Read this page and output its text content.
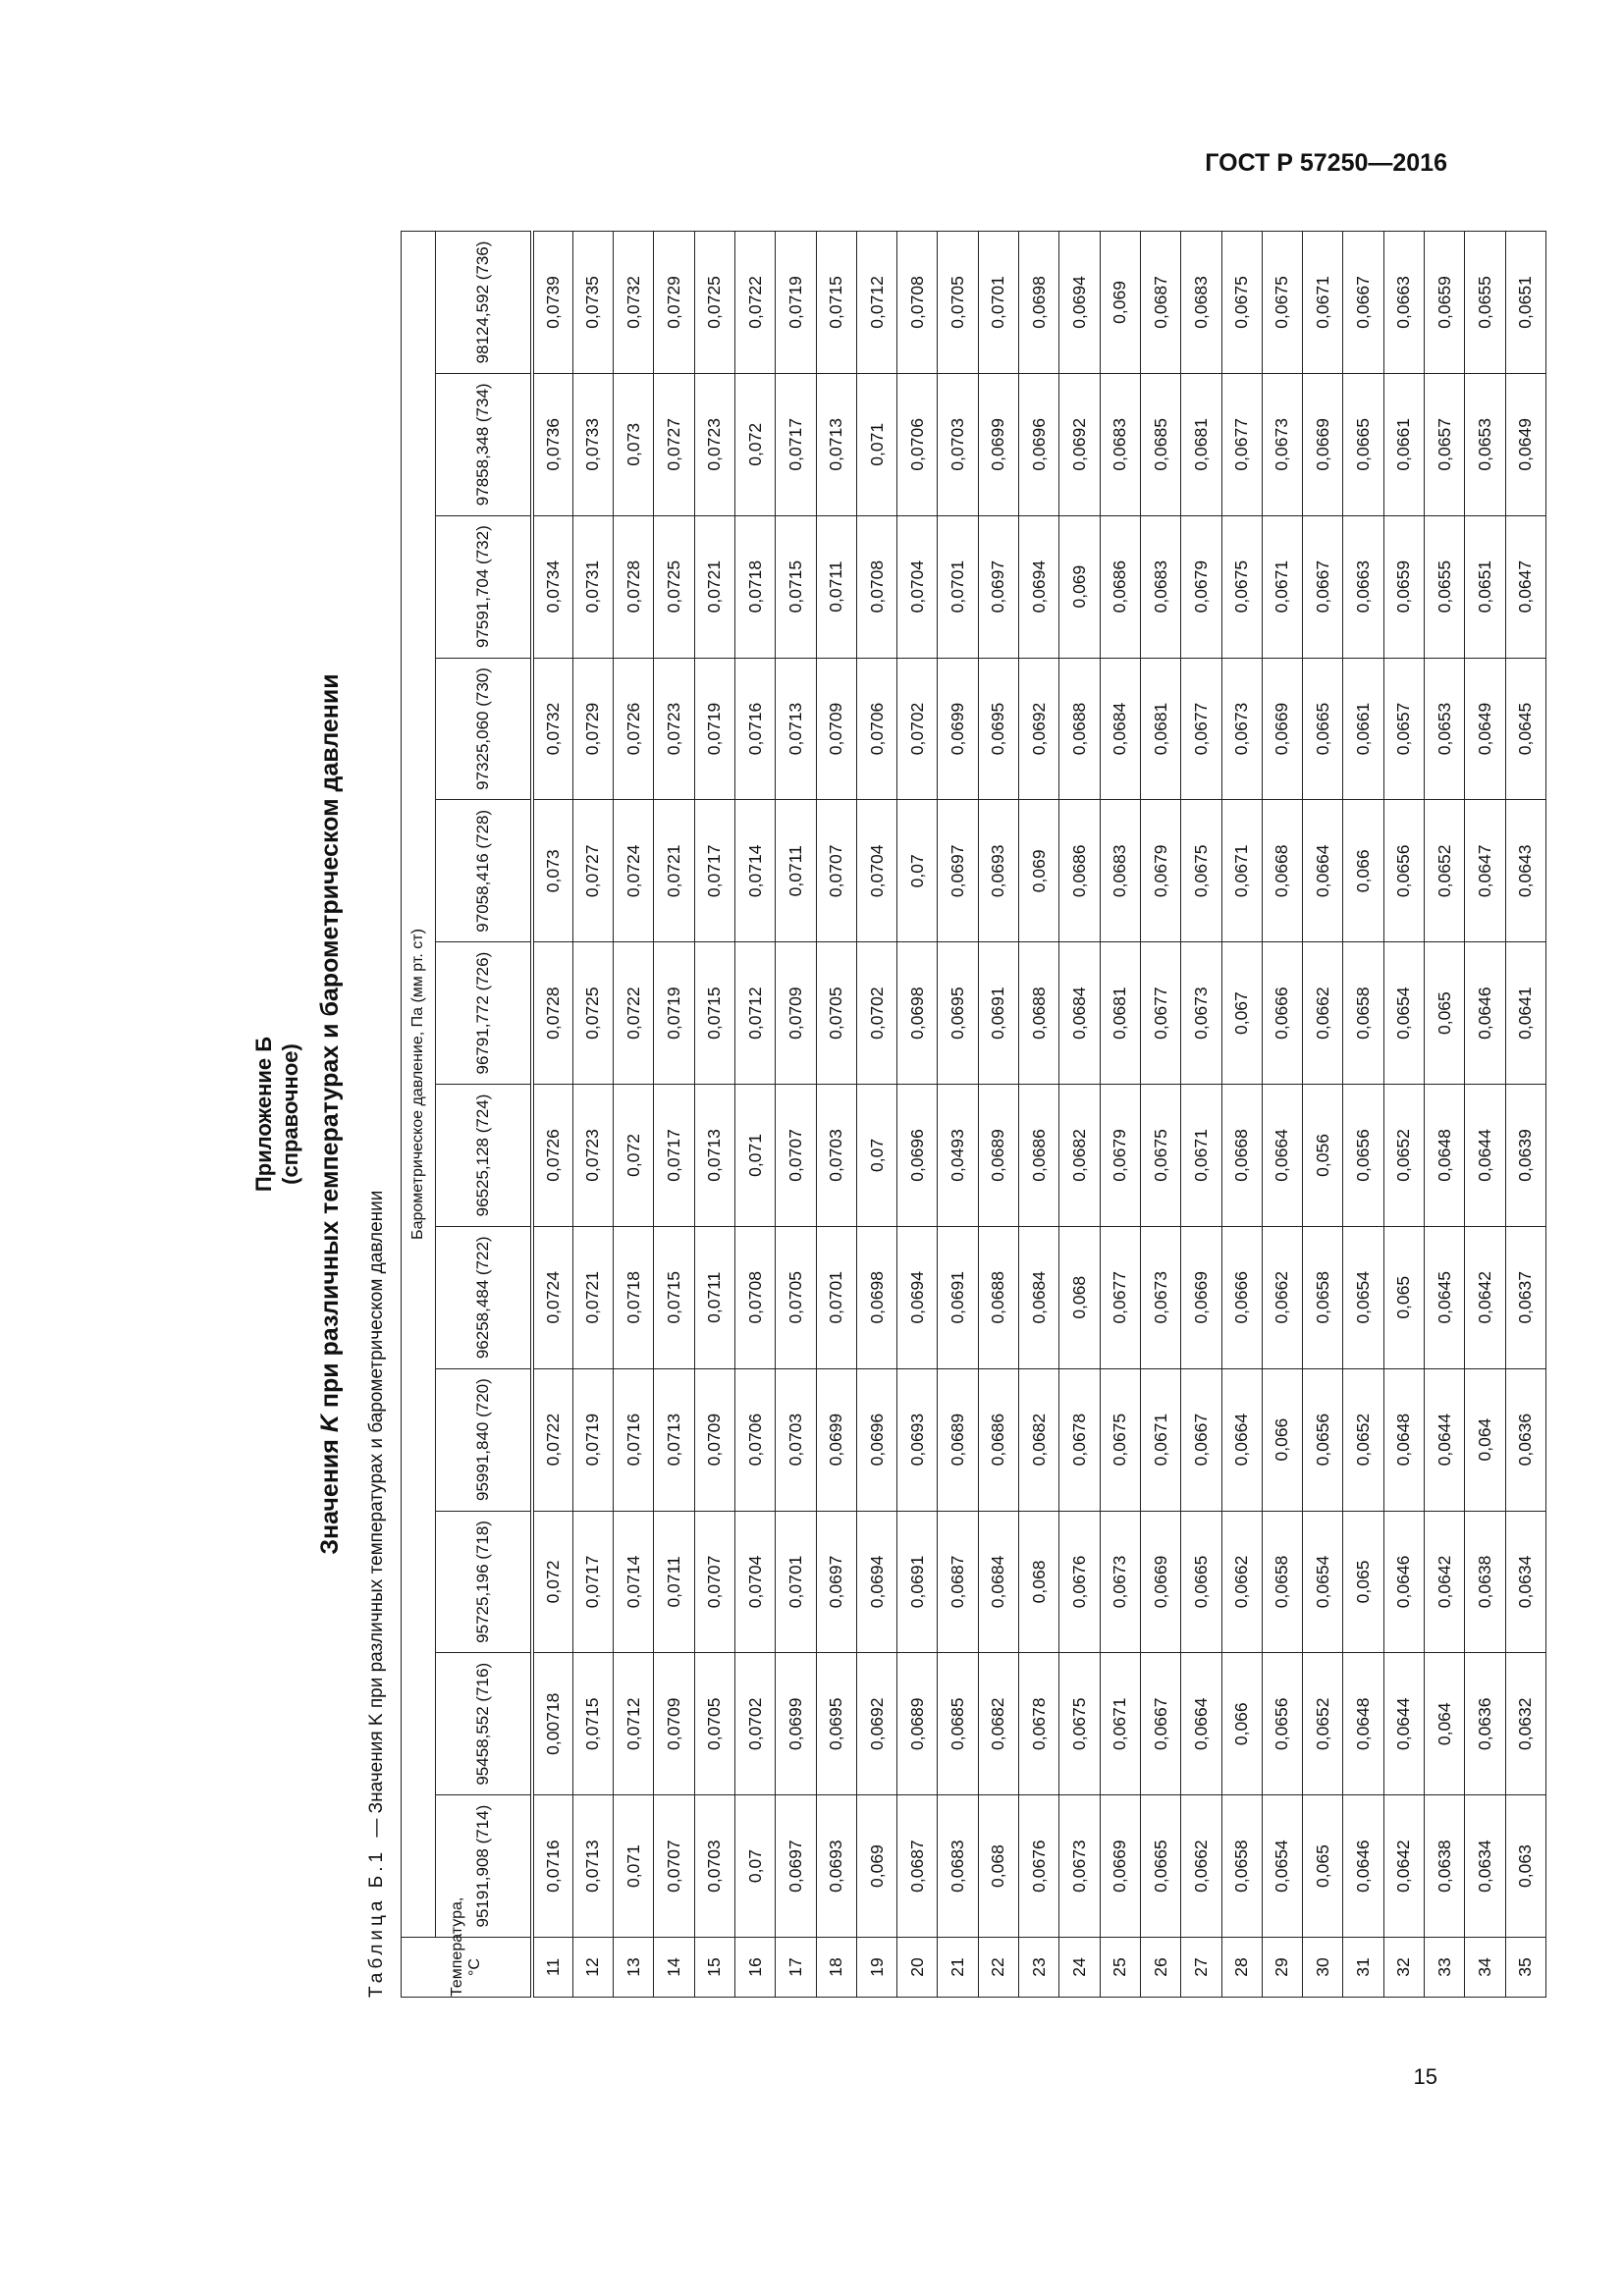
ГОСТ Р 57250—2016
15
Приложение Б (справочное)
Значения K при различных температурах и барометрическом давлении
Таблица Б.1 — Значения K при различных температурах и барометрическом давлении
Температура, °С	Барометрическое давление, Па (мм рт. ст)											
	95191,908 (714)	95458,552 (716)	95725,196 (718)	95991,840 (720)	96258,484 (722)	96525,128 (724)	96791,772 (726)	97058,416 (728)	97325,060 (730)	97591,704 (732)	97858,348 (734)	98124,592 (736)
11	0,0716	0,00718	0,072	0,0722	0,0724	0,0726	0,0728	0,073	0,0732	0,0734	0,0736	0,0739
12	0,0713	0,0715	0,0717	0,0719	0,0721	0,0723	0,0725	0,0727	0,0729	0,0731	0,0733	0,0735
13	0,071	0,0712	0,0714	0,0716	0,0718	0,072	0,0722	0,0724	0,0726	0,0728	0,073	0,0732
14	0,0707	0,0709	0,0711	0,0713	0,0715	0,0717	0,0719	0,0721	0,0723	0,0725	0,0727	0,0729
15	0,0703	0,0705	0,0707	0,0709	0,0711	0,0713	0,0715	0,0717	0,0719	0,0721	0,0723	0,0725
16	0,07	0,0702	0,0704	0,0706	0,0708	0,071	0,0712	0,0714	0,0716	0,0718	0,072	0,0722
17	0,0697	0,0699	0,0701	0,0703	0,0705	0,0707	0,0709	0,0711	0,0713	0,0715	0,0717	0,0719
18	0,0693	0,0695	0,0697	0,0699	0,0701	0,0703	0,0705	0,0707	0,0709	0,0711	0,0713	0,0715
19	0,069	0,0692	0,0694	0,0696	0,0698	0,07	0,0702	0,0704	0,0706	0,0708	0,071	0,0712
20	0,0687	0,0689	0,0691	0,0693	0,0694	0,0696	0,0698	0,07	0,0702	0,0704	0,0706	0,0708
21	0,0683	0,0685	0,0687	0,0689	0,0691	0,0493	0,0695	0,0697	0,0699	0,0701	0,0703	0,0705
22	0,068	0,0682	0,0684	0,0686	0,0688	0,0689	0,0691	0,0693	0,0695	0,0697	0,0699	0,0701
23	0,0676	0,0678	0,068	0,0682	0,0684	0,0686	0,0688	0,069	0,0692	0,0694	0,0696	0,0698
24	0,0673	0,0675	0,0676	0,0678	0,068	0,0682	0,0684	0,0686	0,0688	0,069	0,0692	0,0694
25	0,0669	0,0671	0,0673	0,0675	0,0677	0,0679	0,0681	0,0683	0,0684	0,0686	0,0683	0,069
26	0,0665	0,0667	0,0669	0,0671	0,0673	0,0675	0,0677	0,0679	0,0681	0,0683	0,0685	0,0687
27	0,0662	0,0664	0,0665	0,0667	0,0669	0,0671	0,0673	0,0675	0,0677	0,0679	0,0681	0,0683
28	0,0658	0,066	0,0662	0,0664	0,0666	0,0668	0,067	0,0671	0,0673	0,0675	0,0677	0,0675
29	0,0654	0,0656	0,0658	0,066	0,0662	0,0664	0,0666	0,0668	0,0669	0,0671	0,0673	0,0675
30	0,065	0,0652	0,0654	0,0656	0,0658	0,056	0,0662	0,0664	0,0665	0,0667	0,0669	0,0671
31	0,0646	0,0648	0,065	0,0652	0,0654	0,0656	0,0658	0,066	0,0661	0,0663	0,0665	0,0667
32	0,0642	0,0644	0,0646	0,0648	0,065	0,0652	0,0654	0,0656	0,0657	0,0659	0,0661	0,0663
33	0,0638	0,064	0,0642	0,0644	0,0645	0,0648	0,065	0,0652	0,0653	0,0655	0,0657	0,0659
34	0,0634	0,0636	0,0638	0,064	0,0642	0,0644	0,0646	0,0647	0,0649	0,0651	0,0653	0,0655
35	0,063	0,0632	0,0634	0,0636	0,0637	0,0639	0,0641	0,0643	0,0645	0,0647	0,0649	0,0651
